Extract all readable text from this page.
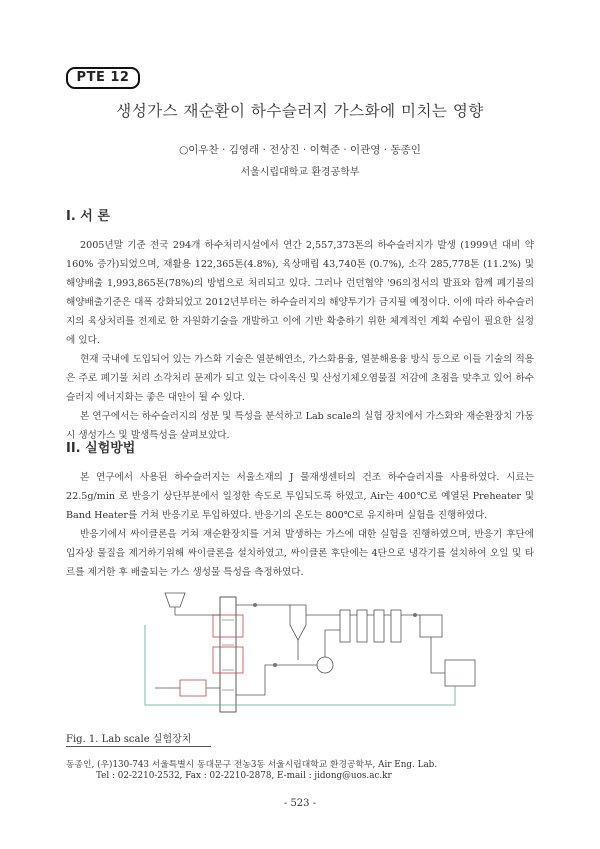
PTE 12
생성가스 재순환이 하수슬러지 가스화에 미치는 영향
○이우찬 · 김영래 · 전상진 · 이혁준 · 이관영 · 동종인
서울시립대학교 환경공학부
I. 서 론

2005년말 기준 전국 294개 하수처리시설에서 연간 2,557,373톤의 하수슬러지가 발생 (1999년 대비 약 160% 증가)되었으며, 재활용 122,365톤(4.8%), 육상매립 43,740톤 (0.7%), 소각 285,778톤 (11.2%) 및 해양배출 1,993,865톤(78%)의 방법으로 처리되고 있다. 그러나 런던협약 '96의정서의 발표와 함께 폐기물의 해양배출기준은 대폭 강화되었고 2012년부터는 하수슬러지의 해양투기가 금지될 예정이다. 이에 따라 하수슬러지의 육상처리를 전제로 한 자원화기술을 개발하고 이에 기반 확충하기 위한 체계적인 계획 수립이 필요한 실정에 있다.

현재 국내에 도입되어 있는 가스화 기술은 열분해연소, 가스화용융, 열분해용융 방식 등으로 이들 기술의 적용은 주로 폐기물 처리 소각처리 문제가 되고 있는 다이옥신 및 산성기체오염물질 저감에 초점을 맞추고 있어 하수슬러지 에너지화는 좋은 대안이 될 수 있다.

본 연구에서는 하수슬러지의 성분 및 특성을 분석하고 Lab scale의 실험 장치에서 가스화와 재순환장치 가동시 생성가스 및 발생특성을 살펴보았다.

II. 실험방법

본 연구에서 사용된 하수슬러지는 서울소재의 J 물재생센터의 건조 하수슬러지를 사용하였다. 시료는 22.5g/min 로 반응기 상단부분에서 일정한 속도로 투입되도록 하였고, Air는 400℃로 예열된 Preheater 및 Band Heater를 거쳐 반응기로 투입하였다. 반응기의 온도는 800℃로 유지하며 실험을 진행하였다.

반응기에서 싸이클론을 거쳐 재순환장치를 거쳐 발생하는 가스에 대한 실험을 진행하였으며, 반응기 후단에 입자상 물질을 제거하기위해 싸이클론을 설치하였고, 싸이클론 후단에는 4단으로 냉각기를 설치하여 오일 및 타르를 제거한 후 배출되는 가스 생성물 특성을 측정하였다.

Fig. 1. Lab scale 실험장치
동종인, (우)130-743 서울특별시 동대문구 전농3동 서울시립대학교 환경공학부, Air Eng. Lab.
Tel : 02-2210-2532, Fax : 02-2210-2878, E-mail : jidong@uos.ac.kr
- 523 -
